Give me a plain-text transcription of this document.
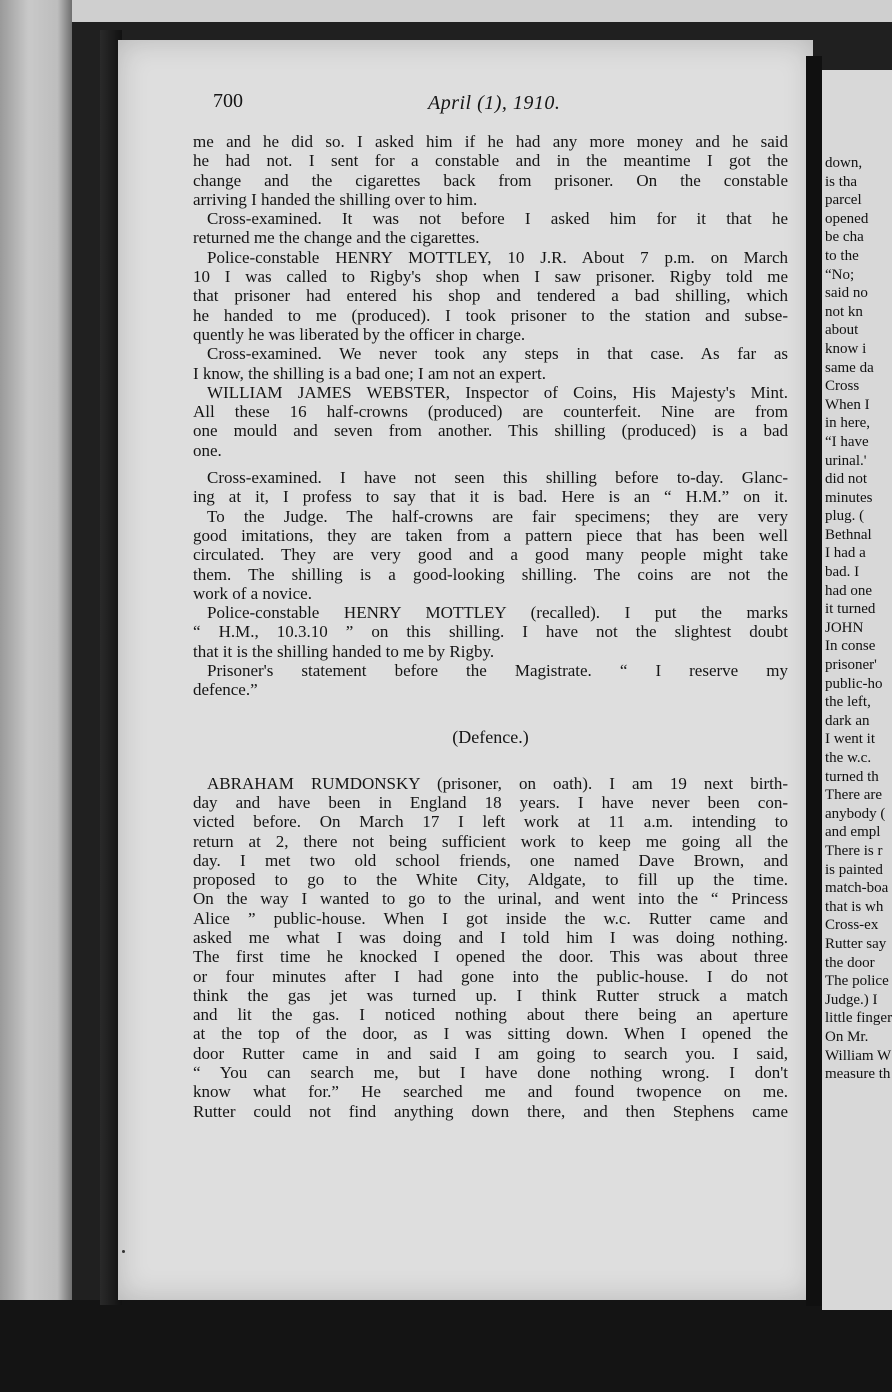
700	April (1), 1910.
me and he did so. I asked him if he had any more money and he said
he had not. I sent for a constable and in the meantime I got the
change and the cigarettes back from prisoner. On the constable
arriving I handed the shilling over to him.
Cross-examined. It was not before I asked him for it that he
returned me the change and the cigarettes.
Police-constable HENRY MOTTLEY, 10 J.R. About 7 p.m. on March
10 I was called to Rigby's shop when I saw prisoner. Rigby told me
that prisoner had entered his shop and tendered a bad shilling, which
he handed to me (produced). I took prisoner to the station and subse-
quently he was liberated by the officer in charge.
Cross-examined. We never took any steps in that case. As far as
I know, the shilling is a bad one; I am not an expert.
WILLIAM JAMES WEBSTER, Inspector of Coins, His Majesty's Mint.
All these 16 half-crowns (produced) are counterfeit. Nine are from
one mould and seven from another. This shilling (produced) is a bad
one.
Cross-examined. I have not seen this shilling before to-day. Glanc-
ing at it, I profess to say that it is bad. Here is an “ H.M.” on it.
To the Judge. The half-crowns are fair specimens; they are very
good imitations, they are taken from a pattern piece that has been well
circulated. They are very good and a good many people might take
them. The shilling is a good-looking shilling. The coins are not the
work of a novice.
Police-constable HENRY MOTTLEY (recalled). I put the marks
“ H.M., 10.3.10 ” on this shilling. I have not the slightest doubt
that it is the shilling handed to me by Rigby.
Prisoner's statement before the Magistrate. “ I reserve my
defence.”
(Defence.)
ABRAHAM RUMDONSKY (prisoner, on oath). I am 19 next birth-
day and have been in England 18 years. I have never been con-
victed before. On March 17 I left work at 11 a.m. intending to
return at 2, there not being sufficient work to keep me going all the
day. I met two old school friends, one named Dave Brown, and
proposed to go to the White City, Aldgate, to fill up the time.
On the way I wanted to go to the urinal, and went into the “ Princess
Alice ” public-house. When I got inside the w.c. Rutter came and
asked me what I was doing and I told him I was doing nothing.
The first time he knocked I opened the door. This was about three
or four minutes after I had gone into the public-house. I do not
think the gas jet was turned up. I think Rutter struck a match
and lit the gas. I noticed nothing about there being an aperture
at the top of the door, as I was sitting down. When I opened the
door Rutter came in and said I am going to search you. I said,
“ You can search me, but I have done nothing wrong. I don't
know what for.” He searched me and found twopence on me.
Rutter could not find anything down there, and then Stephens came
down,
is tha
parcel
opened
be cha
to the
“No;
said no
not kn
about
know i
same da
Cross
When I
in here,
“I have
urinal.'
did not
minutes
plug. (
Bethnal
I had a
bad. I
had one
it turned
JOHN
In conse
prisoner'
public-ho
the left,
dark an
I went it
the w.c.
turned th
There are
anybody (
and empl
There is r
is painted
match-boa
that is wh
Cross-ex
Rutter say
the door
The police
Judge.) I
little finger
On Mr.
William W
measure th
